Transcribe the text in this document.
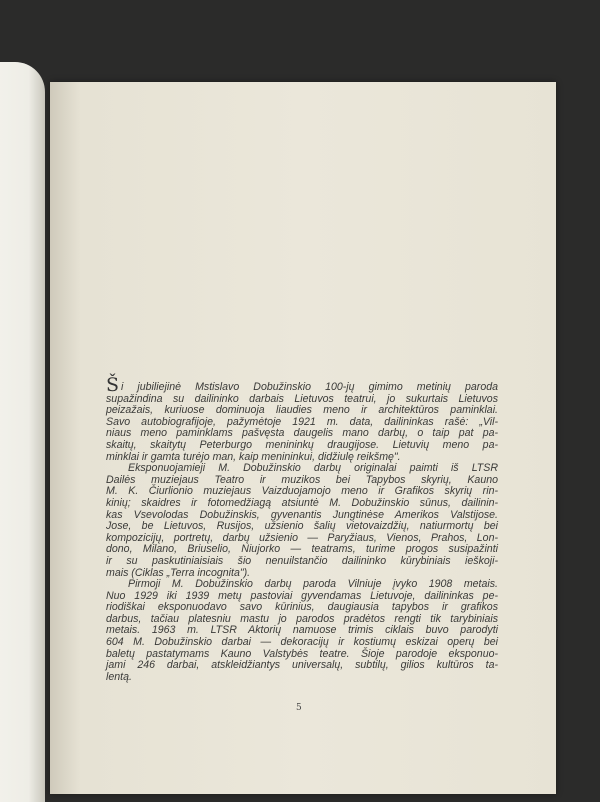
Š i jubiliejinė Mstislavo Dobužinskio 100-jų gimimo metinių paroda
supažindina su dailininko darbais Lietuvos teatrui, jo sukurtais Lietuvos
peizažais, kuriuose dominuoja liaudies meno ir architektūros paminklai.
Savo autobiografijoje, pažymėtoje 1921 m. data, dailininkas rašė: „Vil-
niaus meno paminklams pašvęsta daugelis mano darbų, o taip pat pa-
skaitų, skaitytų Peterburgo menininkų draugijose. Lietuvių meno pa-
minklai ir gamta turėjo man, kaip menininkui, didžiulę reikšmę".
Eksponuojamieji M. Dobužinskio darbų originalai paimti iš LTSR
Dailės muziejaus Teatro ir muzikos bei Tapybos skyrių, Kauno
M. K. Čiurlionio muziejaus Vaizduojamojo meno ir Grafikos skyrių rin-
kinių; skaidres ir fotomedžiagą atsiuntė M. Dobužinskio sūnus, dailinin-
kas Vsevolodas Dobužinskis, gyvenantis Jungtinėse Amerikos Valstijose.
Jose, be Lietuvos, Rusijos, užsienio šalių vietovaizdžių, natiurmortų bei
kompozicijų, portretų, darbų užsienio — Paryžiaus, Vienos, Prahos, Lon-
dono, Milano, Briuselio, Niujorko — teatrams, turime progos susipažinti
ir su paskutiniaisiais šio nenuilstančio dailininko kūrybiniais ieškoji-
mais (Ciklas „Terra incognita").
Pirmoji M. Dobužinskio darbų paroda Vilniuje įvyko 1908 metais.
Nuo 1929 iki 1939 metų pastoviai gyvendamas Lietuvoje, dailininkas pe-
riodiškai eksponuodavo savo kūrinius, daugiausia tapybos ir grafikos
darbus, tačiau platesniu mastu jo parodos pradėtos rengti tik tarybiniais
metais. 1963 m. LTSR Aktorių namuose trimis ciklais buvo parodyti
604 M. Dobužinskio darbai — dekoracijų ir kostiumų eskizai operų bei
baletų pastatymams Kauno Valstybės teatre. Šioje parodoje eksponuo-
jami 246 darbai, atskleidžiantys universalų, subtilų, gilios kultūros ta-
lentą.
5
